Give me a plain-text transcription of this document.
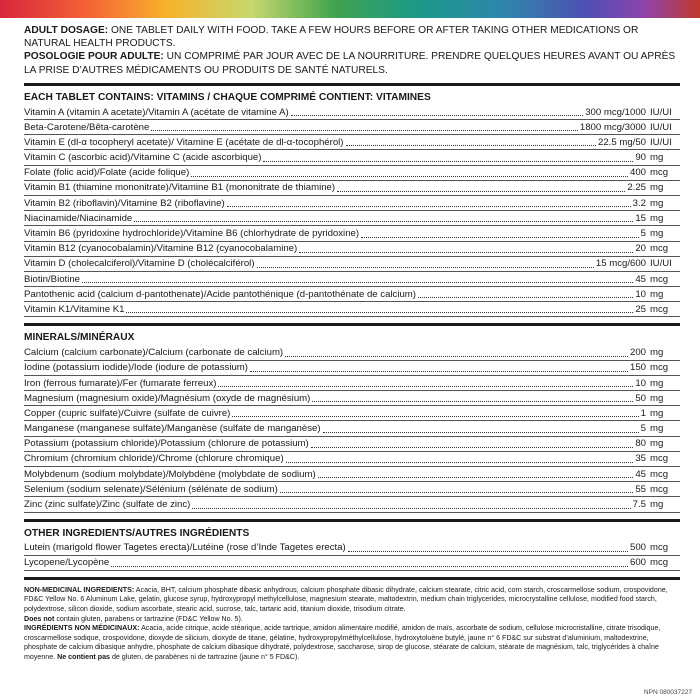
ADULT DOSAGE: ONE TABLET DAILY WITH FOOD. TAKE A FEW HOURS BEFORE OR AFTER TAKING OTHER MEDICATIONS OR NATURAL HEALTH PRODUCTS.
POSOLOGIE POUR ADULTE: UN COMPRIMÉ PAR JOUR AVEC DE LA NOURRITURE. PRENDRE QUELQUES HEURES AVANT OU APRÈS LA PRISE D’AUTRES MÉDICAMENTS OU PRODUITS DE SANTÉ NATURELS.
EACH TABLET CONTAINS: VITAMINS / CHAQUE COMPRIMÉ CONTIENT: VITAMINES
Vitamin A (vitamin A acetate)/Vitamin A (acétate de vitamine A)	300 mcg/1000 IU/UI
Beta-Carotene/Bêta-carotène	1800 mcg/3000 IU/UI
Vitamin E (dl-α tocopheryl acetate)/ Vitamine E (acétate de dl-α-tocophérol)	22.5 mg/50 IU/UI
Vitamin C (ascorbic acid)/Vitamine C (acide ascorbique)	90 mg
Folate (folic acid)/Folate (acide folique)	400 mcg
Vitamin B1 (thiamine mononitrate)/Vitamine B1 (mononitrate de thiamine)	2.25 mg
Vitamin B2 (riboflavin)/Vitamine B2 (riboflavine)	3.2 mg
Niacinamide/Niacinamide	15 mg
Vitamin B6 (pyridoxine hydrochloride)/Vitamine B6 (chlorhydrate de pyridoxine)	5 mg
Vitamin B12 (cyanocobalamin)/Vitamine B12 (cyanocobalamine)	20 mcg
Vitamin D (cholecalciferol)/Vitamine D (cholécalciférol)	15 mcg/600 IU/UI
Biotin/Biotine	45 mcg
Pantothenic acid (calcium d-pantothenate)/Acide pantothénique (d-pantothénate de calcium)	10 mg
Vitamin K1/Vitamine K1	25 mcg
MINERALS/MINÉRAUX
Calcium (calcium carbonate)/Calcium (carbonate de calcium)	200 mg
Iodine (potassium iodide)/Iode (iodure de potassium)	150 mcg
Iron (ferrous fumarate)/Fer (fumarate ferreux)	10 mg
Magnesium (magnesium oxide)/Magnésium (oxyde de magnésium)	50 mg
Copper (cupric sulfate)/Cuivre (sulfate de cuivre)	1 mg
Manganese (manganese sulfate)/Manganèse (sulfate de manganèse)	5 mg
Potassium (potassium chloride)/Potassium (chlorure de potassium)	80 mg
Chromium (chromium chloride)/Chrome (chlorure chromique)	35 mcg
Molybdenum (sodium molybdate)/Molybdène (molybdate de sodium)	45 mcg
Selenium (sodium selenate)/Sélénium (sélénate de sodium)	55 mcg
Zinc (zinc sulfate)/Zinc (sulfate de zinc)	7.5 mg
OTHER INGREDIENTS/AUTRES INGRÉDIENTS
Lutein (marigold flower Tagetes erecta)/Lutéine (rose d’Inde Tagetes erecta)	500 mcg
Lycopene/Lycopène	600 mcg
NON-MEDICINAL INGREDIENTS: Acacia, BHT, calcium phosphate dibasic anhydrous, calcium phosphate dibasic dihydrate, calcium stearate, citric acid, corn starch, croscarmellose sodium, crospovidone, FD&C Yellow No. 6 Aluminum Lake, gelatin, glucose syrup, hydroxypropyl methylcellulose, magnesium stearate, maltodextrin, medium chain triglycerides, microcrystalline cellulose, modified food starch, polydextrose, silicon dioxide, sodium ascorbate, stearic acid, sucrose, talc, tartaric acid, titanium dioxide, trisodium citrate.
Does not contain gluten, parabens or tartrazine (FD&C Yellow No. 5).
INGRÉDIENTS NON MÉDICINAUX: Acacia, acide citrique, acide stéarique, acide tartrique, amidon alimentaire modifié, amidon de maïs, ascorbate de sodium, cellulose microcristalline, citrate trisodique, croscarmellose sodique, crospovidone, dioxyde de silicium, dioxyde de titane, gélatine, hydroxypropylméthylcellulose, hydroxytoluène butylé, jaune n° 6 FD&C sur substrat d’aluminium, maltodextrine, phosphate de calcium dibasique anhydre, phosphate de calcium dibasique dihydraté, polydextrose, saccharose, sirop de glucose, stéarate de calcium, stéarate de magnésium, talc, triglycérides à chaîne moyenne. Ne contient pas de gluten, de parabènes ni de tartrazine (jaune n° 5 FD&C).
NPN 080037227
